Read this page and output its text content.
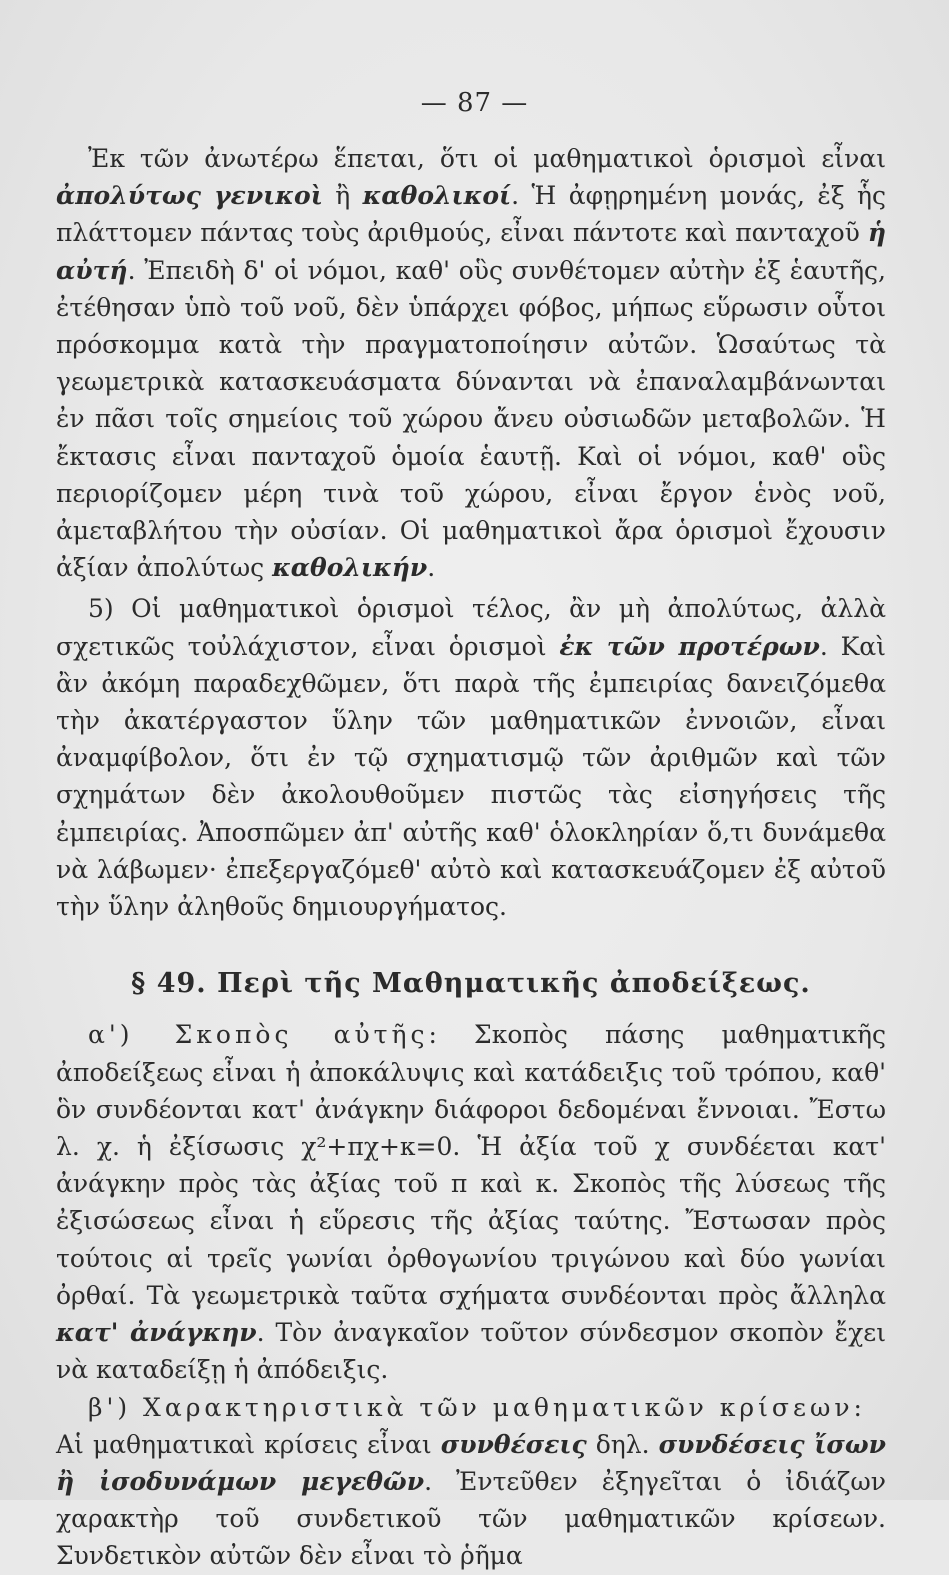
— 87 —

Ἐκ τῶν ἀνωτέρω ἕπεται, ὅτι οἱ μαθηματικοὶ ὁρισμοὶ εἶναι ἀπολύτως γενικοὶ ἢ καθολικοί. Ἡ ἀφῃρημένη μονάς, ἐξ ἧς πλάττομεν πάντας τοὺς ἀριθμούς, εἶναι πάντοτε καὶ πανταχοῦ ἡ αὐτή. Ἐπειδὴ δ' οἱ νόμοι, καθ' οὓς συνθέτομεν αὐτὴν ἐξ ἑαυτῆς, ἐτέθησαν ὑπὸ τοῦ νοῦ, δὲν ὑπάρχει φόβος, μήπως εὕρωσιν οὗτοι πρόσκομμα κατὰ τὴν πραγματοποίησιν αὐτῶν. Ὡσαύτως τὰ γεωμετρικὰ κατασκευάσματα δύνανται νὰ ἐπαναλαμβάνωνται ἐν πᾶσι τοῖς σημείοις τοῦ χώρου ἄνευ οὐσιωδῶν μεταβολῶν. Ἡ ἔκτασις εἶναι πανταχοῦ ὁμοία ἑαυτῇ. Καὶ οἱ νόμοι, καθ' οὓς περιορίζομεν μέρη τινὰ τοῦ χώρου, εἶναι ἔργον ἑνὸς νοῦ, ἀμεταβλήτου τὴν οὐσίαν. Οἱ μαθηματικοὶ ἄρα ὁρισμοὶ ἔχουσιν ἀξίαν ἀπολύτως καθολικήν.

5) Οἱ μαθηματικοὶ ὁρισμοὶ τέλος, ἂν μὴ ἀπολύτως, ἀλλὰ σχετικῶς τοὐλάχιστον, εἶναι ὁρισμοὶ ἐκ τῶν προτέρων. Καὶ ἂν ἀκόμη παραδεχθῶμεν, ὅτι παρὰ τῆς ἐμπειρίας δανειζόμεθα τὴν ἀκατέργαστον ὕλην τῶν μαθηματικῶν ἐννοιῶν, εἶναι ἀναμφίβολον, ὅτι ἐν τῷ σχηματισμῷ τῶν ἀριθμῶν καὶ τῶν σχημάτων δὲν ἀκολουθοῦμεν πιστῶς τὰς εἰσηγήσεις τῆς ἐμπειρίας. Ἀποσπῶμεν ἀπ' αὐτῆς καθ' ὁλοκληρίαν ὅ,τι δυνάμεθα νὰ λάβωμεν· ἐπεξεργαζόμεθ' αὐτὸ καὶ κατασκευάζομεν ἐξ αὐτοῦ τὴν ὕλην ἀληθοῦς δημιουργήματος.

§ 49. Περὶ τῆς Μαθηματικῆς ἀποδείξεως.

α') Σκοπὸς αὐτῆς: Σκοπὸς πάσης μαθηματικῆς ἀποδείξεως εἶναι ἡ ἀποκάλυψις καὶ κατάδειξις τοῦ τρόπου, καθ' ὃν συνδέονται κατ' ἀνάγκην διάφοροι δεδομέναι ἔννοιαι. Ἔστω λ. χ. ἡ ἐξίσωσις χ²+πχ+κ=0. Ἡ ἀξία τοῦ χ συνδέεται κατ' ἀνάγκην πρὸς τὰς ἀξίας τοῦ π καὶ κ. Σκοπὸς τῆς λύσεως τῆς ἐξισώσεως εἶναι ἡ εὕρεσις τῆς ἀξίας ταύτης. Ἔστωσαν πρὸς τούτοις αἱ τρεῖς γωνίαι ὀρθογωνίου τριγώνου καὶ δύο γωνίαι ὀρθαί. Τὰ γεωμετρικὰ ταῦτα σχήματα συνδέονται πρὸς ἄλληλα κατ' ἀνάγκην. Τὸν ἀναγκαῖον τοῦτον σύνδεσμον σκοπὸν ἔχει νὰ καταδείξῃ ἡ ἀπόδειξις.

β') Χαρακτηριστικὰ τῶν μαθηματικῶν κρίσεων:

Αἱ μαθηματικαὶ κρίσεις εἶναι συνθέσεις δηλ. συνδέσεις ἴσων ἢ ἰσοδυνάμων μεγεθῶν. Ἐντεῦθεν ἐξηγεῖται ὁ ἰδιάζων χαρακτὴρ τοῦ συνδετικοῦ τῶν μαθηματικῶν κρίσεων. Συνδετικὸν αὐτῶν δὲν εἶναι τὸ ῥῆμα
